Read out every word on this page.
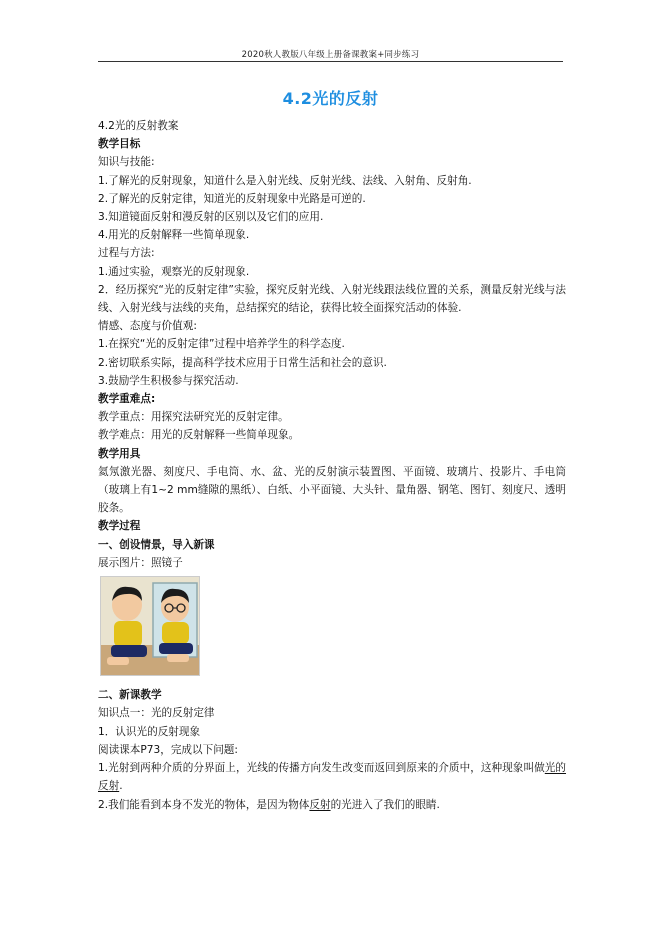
2020秋人教版八年级上册备课教案+同步练习
4.2光的反射
4.2光的反射教案
教学目标
知识与技能:
1.了解光的反射现象，知道什么是入射光线、反射光线、法线、入射角、反射角.
2.了解光的反射定律，知道光的反射现象中光路是可逆的.
3.知道镜面反射和漫反射的区别以及它们的应用.
4.用光的反射解释一些简单现象.
过程与方法:
1.通过实验，观察光的反射现象.
2．经历探究“光的反射定律”实验，探究反射光线、入射光线跟法线位置的关系，测量反射光线与法线、入射光线与法线的夹角，总结探究的结论，获得比较全面探究活动的体验.
情感、态度与价值观:
1.在探究“光的反射定律”过程中培养学生的科学态度.
2.密切联系实际，提高科学技术应用于日常生活和社会的意识.
3.鼓励学生积极参与探究活动.
教学重难点:
教学重点：用探究法研究光的反射定律。
教学难点：用光的反射解释一些简单现象。
教学用具
氦氖激光器、刻度尺、手电筒、水、盆、光的反射演示装置图、平面镜、玻璃片、投影片、手电筒（玻璃上有1~2 mm缝隙的黑纸）、白纸、小平面镜、大头针、量角器、钢笔、图钉、刻度尺、透明胶条。
教学过程
一、创设情景，导入新课
展示图片：照镜子
二、新课教学
知识点一：光的反射定律
1．认识光的反射现象
阅读课本P73，完成以下问题:
1.光射到两种介质的分界面上，光线的传播方向发生改变而返回到原来的介质中，这种现象叫做光的反射.
2.我们能看到本身不发光的物体，是因为物体反射的光进入了我们的眼睛.
